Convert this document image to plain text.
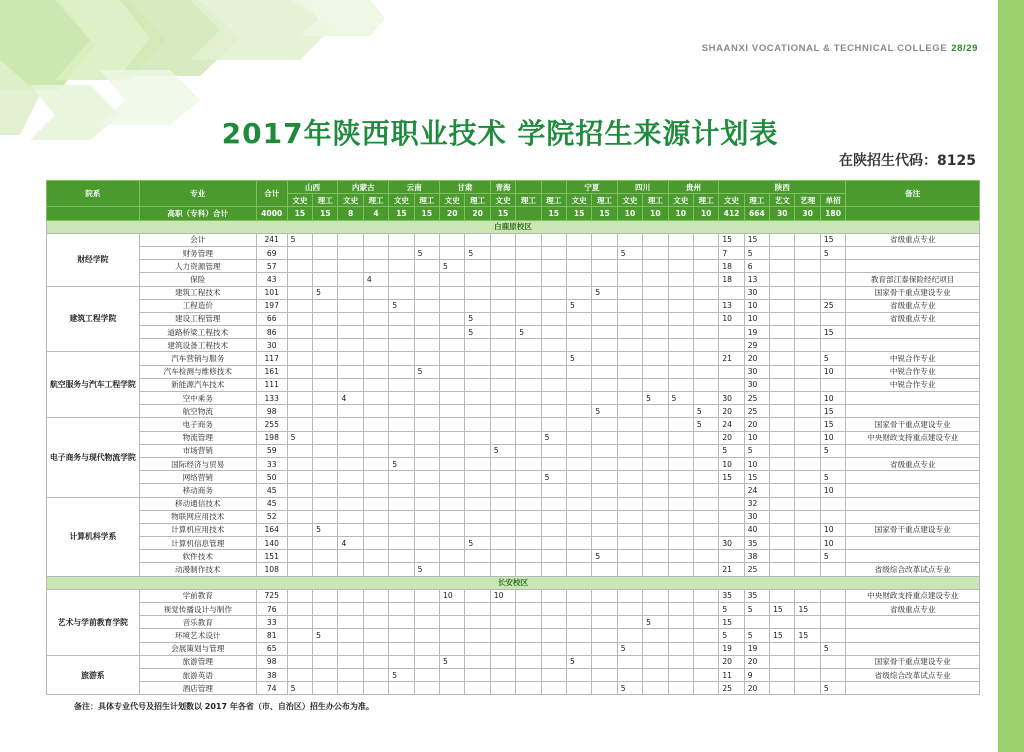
SHAANXI VOCATIONAL & TECHNICAL COLLEGE 28/29
2017年陕西职业技术 学院招生来源计划表
在陕招生代码：8125
院系	专业	合计	山西		内蒙古		云南		甘肃		青海			宁夏		四川		贵州		陕西					备注
			文史	理工	文史	理工	文史	理工	文史	理工	文史	理工	理工	文史	理工	文史	理工	文史	理工	文史	理工	艺文	艺理	单招	
	高职（专科）合计	4000	15	15	8	4	15	15	20	20	15		15	15	15	10	10	10	10	412	664	30	30	180	
白鹿原校区																									
财经学院	会计	241	5																	15	15			15	省级重点专业
	财务管理	69						5		5						5				7	5			5	
	人力资源管理	57							5											18	6				
	保险	43				4														18	13				教育部江泰保险经纪项目
建筑工程学院	建筑工程技术	101		5											5						30				国家骨干重点建设专业
	工程造价	197					5							5						13	10			25	省级重点专业
	建设工程管理	66								5										10	10				省级重点专业
	道路桥梁工程技术	86								5		5									19			15	
	建筑设备工程技术	30																			29				
航空服务与汽车工程学院	汽车营销与服务	117												5						21	20			5	中锐合作专业
	汽车检测与维修技术	161						5													30			10	中锐合作专业
	新能源汽车技术	111																			30				中锐合作专业
	空中乘务	133			4												5	5		30	25			10	
	航空物流	98													5				5	20	25			15	
电子商务与现代物流学院	电子商务	255																	5	24	20			15	国家骨干重点建设专业
	物流管理	198	5										5							20	10			10	中央财政支持重点建设专业
	市场营销	59									5									5	5			5	
	国际经济与贸易	33					5													10	10				省级重点专业
	网络营销	50											5							15	15			5	
	移动商务	45																			24			10	
计算机科学系	移动通信技术	45																			32				
	物联网应用技术	52																			30				
	计算机应用技术	164		5																	40			10	国家骨干重点建设专业
	计算机信息管理	140			4					5										30	35			10	
	软件技术	151													5						38			5	
	动漫制作技术	108						5												21	25				省级综合改革试点专业
长安校区																									
艺术与学前教育学院	学前教育	725							10		10									35	35				中央财政支持重点建设专业
	视觉传播设计与制作	76																		5	5	15	15		省级重点专业
	音乐教育	33															5			15					
	环境艺术设计	81		5																5	5	15	15		
	会展策划与管理	65														5				19	19			5	
旅游系	旅游管理	98							5					5						20	20				国家骨干重点建设专业
	旅游英语	38					5													11	9				省级综合改革试点专业
	酒店管理	74	5													5				25	20			5	
备注：具体专业代号及招生计划数以 2017 年各省（市、自治区）招生办公布为准。
